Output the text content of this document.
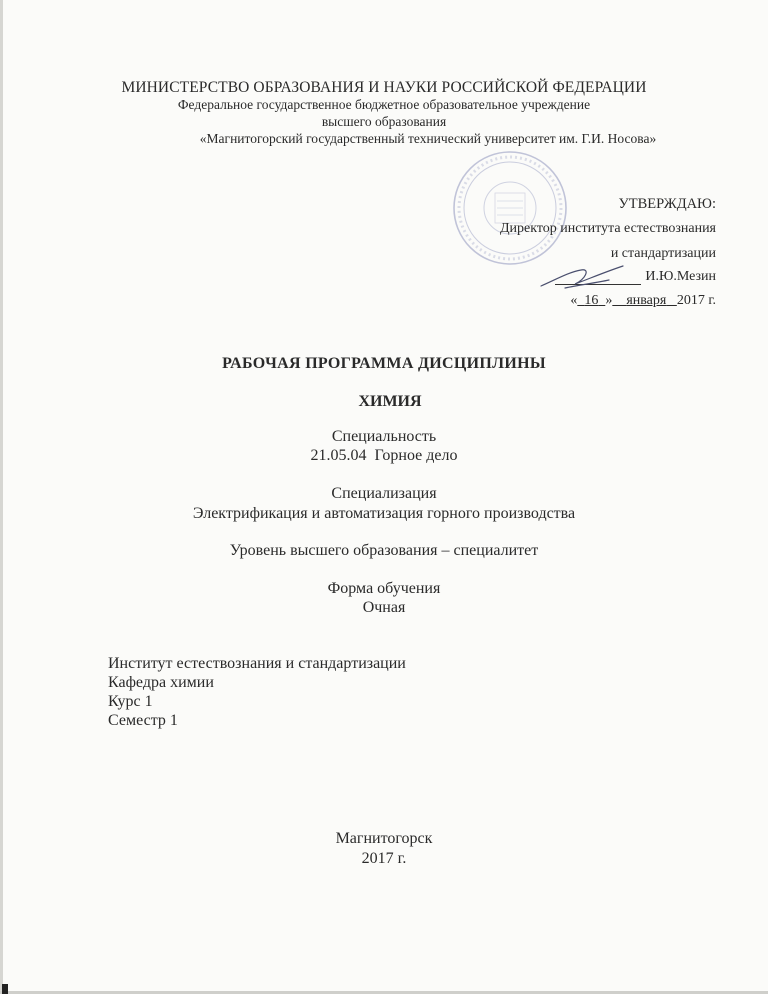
МИНИСТЕРСТВО ОБРАЗОВАНИЯ И НАУКИ РОССИЙСКОЙ ФЕДЕРАЦИИ
Федеральное государственное бюджетное образовательное учреждение
высшего образования
«Магнитогорский государственный технический университет им. Г.И. Носова»
УТВЕРЖДАЮ:
Директор института естествознания
и стандартизации
И.Ю.Мезин
« 16 » января 2017 г.
РАБОЧАЯ ПРОГРАММА ДИСЦИПЛИНЫ
ХИМИЯ
Специальность
21.05.04  Горное дело
Специализация
Электрификация и автоматизация горного производства
Уровень высшего образования – специалитет
Форма обучения
Очная
Институт естествознания и стандартизации
Кафедра химии
Курс 1
Семестр 1
Магнитогорск
2017 г.
